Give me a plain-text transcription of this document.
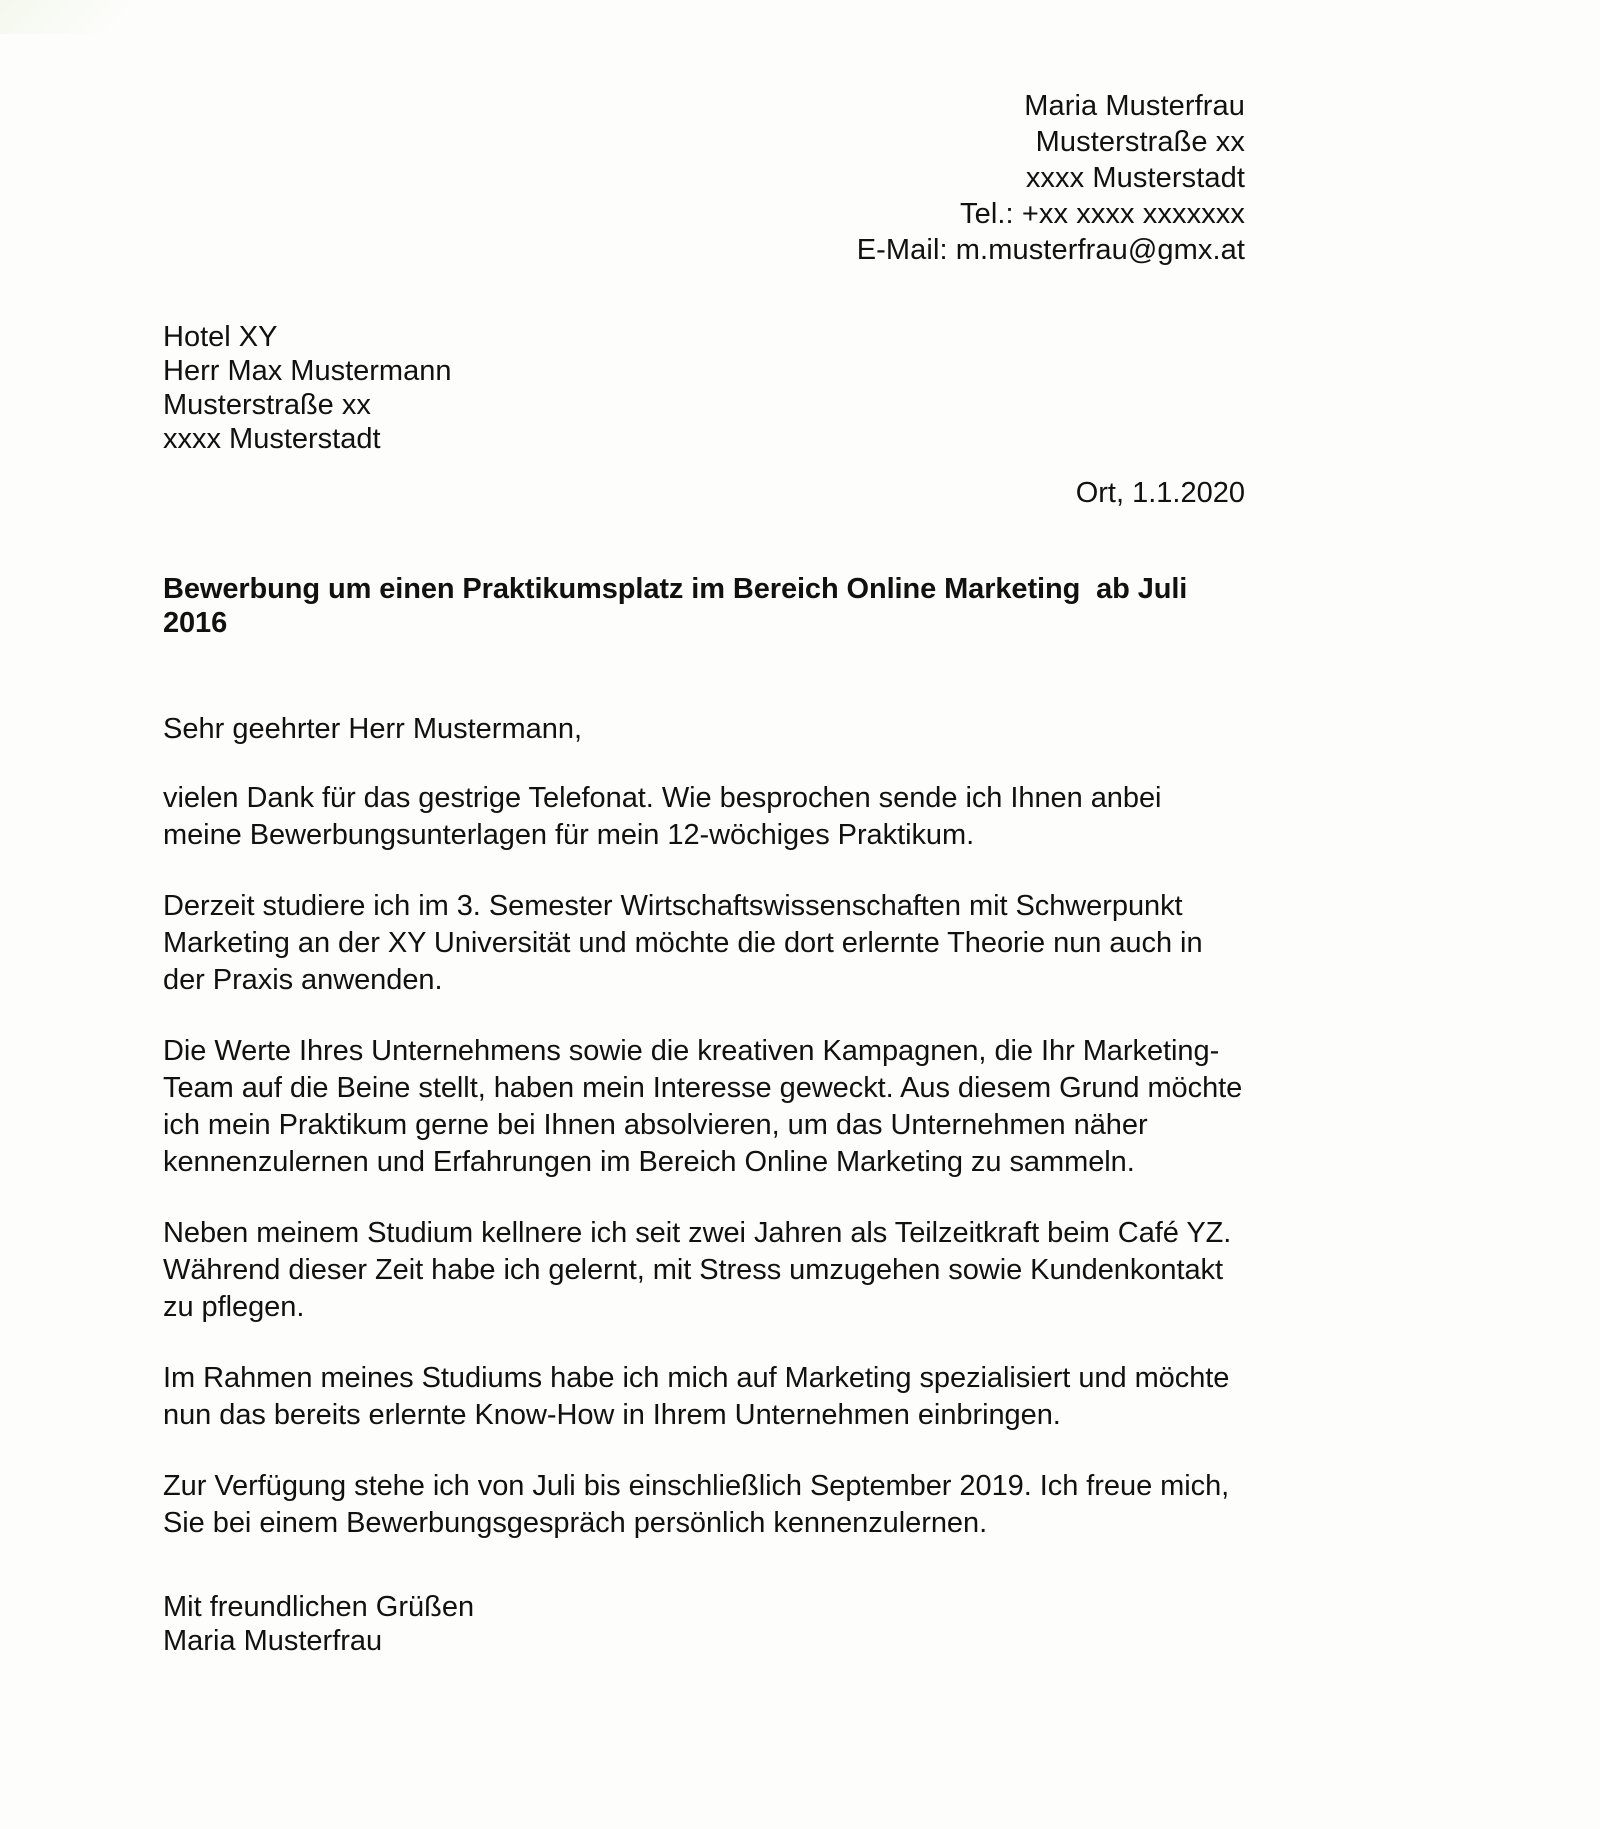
Maria Musterfrau
Musterstraße xx
xxxx Musterstadt
Tel.: +xx xxxx xxxxxxx
E-Mail: m.musterfrau@gmx.at
Hotel XY
Herr Max Mustermann
Musterstraße xx
xxxx Musterstadt
Ort, 1.1.2020
Bewerbung um einen Praktikumsplatz im Bereich Online Marketing  ab Juli 2016
Sehr geehrter Herr Mustermann,

vielen Dank für das gestrige Telefonat. Wie besprochen sende ich Ihnen anbei meine Bewerbungsunterlagen für mein 12-wöchiges Praktikum.

Derzeit studiere ich im 3. Semester Wirtschaftswissenschaften mit Schwerpunkt Marketing an der XY Universität und möchte die dort erlernte Theorie nun auch in der Praxis anwenden.

Die Werte Ihres Unternehmens sowie die kreativen Kampagnen, die Ihr Marketing-Team auf die Beine stellt, haben mein Interesse geweckt. Aus diesem Grund möchte ich mein Praktikum gerne bei Ihnen absolvieren, um das Unternehmen näher kennenzulernen und Erfahrungen im Bereich Online Marketing zu sammeln.

Neben meinem Studium kellnere ich seit zwei Jahren als Teilzeitkraft beim Café YZ. Während dieser Zeit habe ich gelernt, mit Stress umzugehen sowie Kundenkontakt zu pflegen.

Im Rahmen meines Studiums habe ich mich auf Marketing spezialisiert und möchte nun das bereits erlernte Know-How in Ihrem Unternehmen einbringen.

Zur Verfügung stehe ich von Juli bis einschließlich September 2019. Ich freue mich, Sie bei einem Bewerbungsgespräch persönlich kennenzulernen.

Mit freundlichen Grüßen
Maria Musterfrau
